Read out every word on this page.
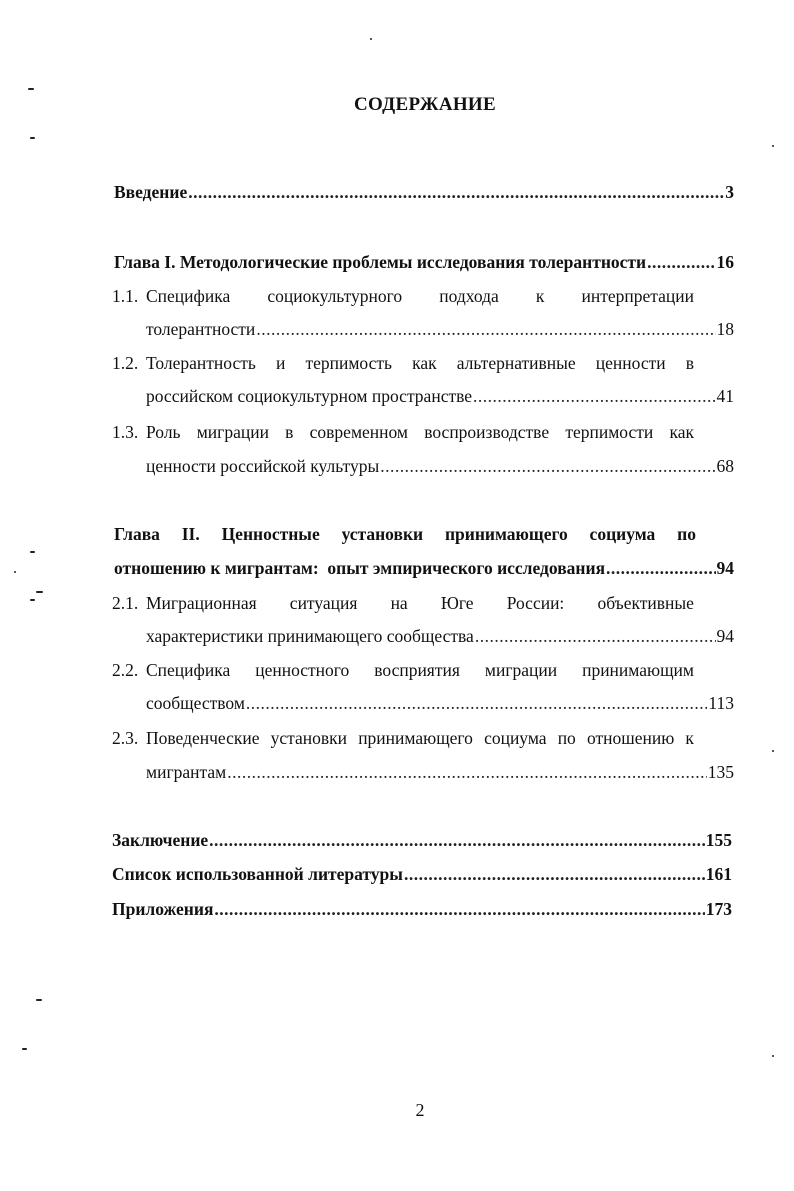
СОДЕРЖАНИЕ
Введение .....	3
Глава I. Методологические проблемы исследования толерантности .....	16
1.1. Специфика социокультурного подхода к интерпретации
толерантности .....	18
1.2. Толерантность и терпимость как альтернативные ценности в
российском социокультурном пространстве .....	41
1.3. Роль миграции в современном воспроизводстве терпимости как
ценности российской культуры .....	68
Глава II. Ценностные установки принимающего социума по
отношению к мигрантам:  опыт эмпирического исследования .....	94
2.1. Миграционная ситуация на Юге России: объективные
характеристики принимающего сообщества .....	94
2.2. Специфика ценностного восприятия миграции принимающим
сообществом .....	113
2.3. Поведенческие установки принимающего социума по отношению к
мигрантам .....	135
Заключение .....	155
Список использованной литературы .....	161
Приложения .....	173
2
